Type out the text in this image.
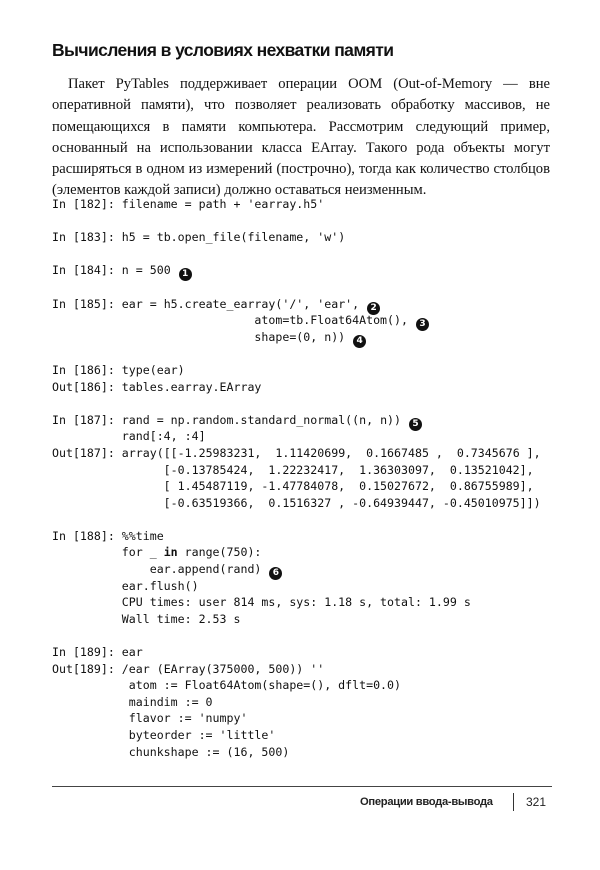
Вычисления в условиях нехватки памяти

Пакет PyTables поддерживает операции OOM (Out-of-Memory — вне оперативной памяти), что позволяет реализовать обработку массивов, не помещающихся в памяти компьютера. Рассмотрим следующий пример, основанный на использовании класса EArray. Такого рода объекты могут расширяться в одном из измерений (построчно), тогда как количество столбцов (элементов каждой записи) должно оставаться неизменным.

In [182]: filename = path + 'earray.h5'
In [183]: h5 = tb.open_file(filename, 'w')
In [184]: n = 500 1
In [185]: ear = h5.create_earray('/', 'ear', 2
atom=tb.Float64Atom(), 3
shape=(0, n)) 4
In [186]: type(ear)
Out[186]: tables.earray.EArray
In [187]: rand = np.random.standard_normal((n, n)) 5
rand[:4, :4]
Out[187]: array([[-1.25983231,  1.11420699,  0.1667485 ,  0.7345676 ],
[-0.13785424,  1.22232417,  1.36303097,  0.13521042],
[ 1.45487119, -1.47784078,  0.15027672,  0.86755989],
[-0.63519366,  0.1516327 , -0.64939447, -0.45010975]])
In [188]: %%time
for _ in range(750):
ear.append(rand) 6
ear.flush()
CPU times: user 814 ms, sys: 1.18 s, total: 1.99 s
Wall time: 2.53 s
In [189]: ear
Out[189]: /ear (EArray(375000, 500)) ''
atom := Float64Atom(shape=(), dflt=0.0)
maindim := 0
flavor := 'numpy'
byteorder := 'little'
chunkshape := (16, 500)
Операции ввода-вывода	321
